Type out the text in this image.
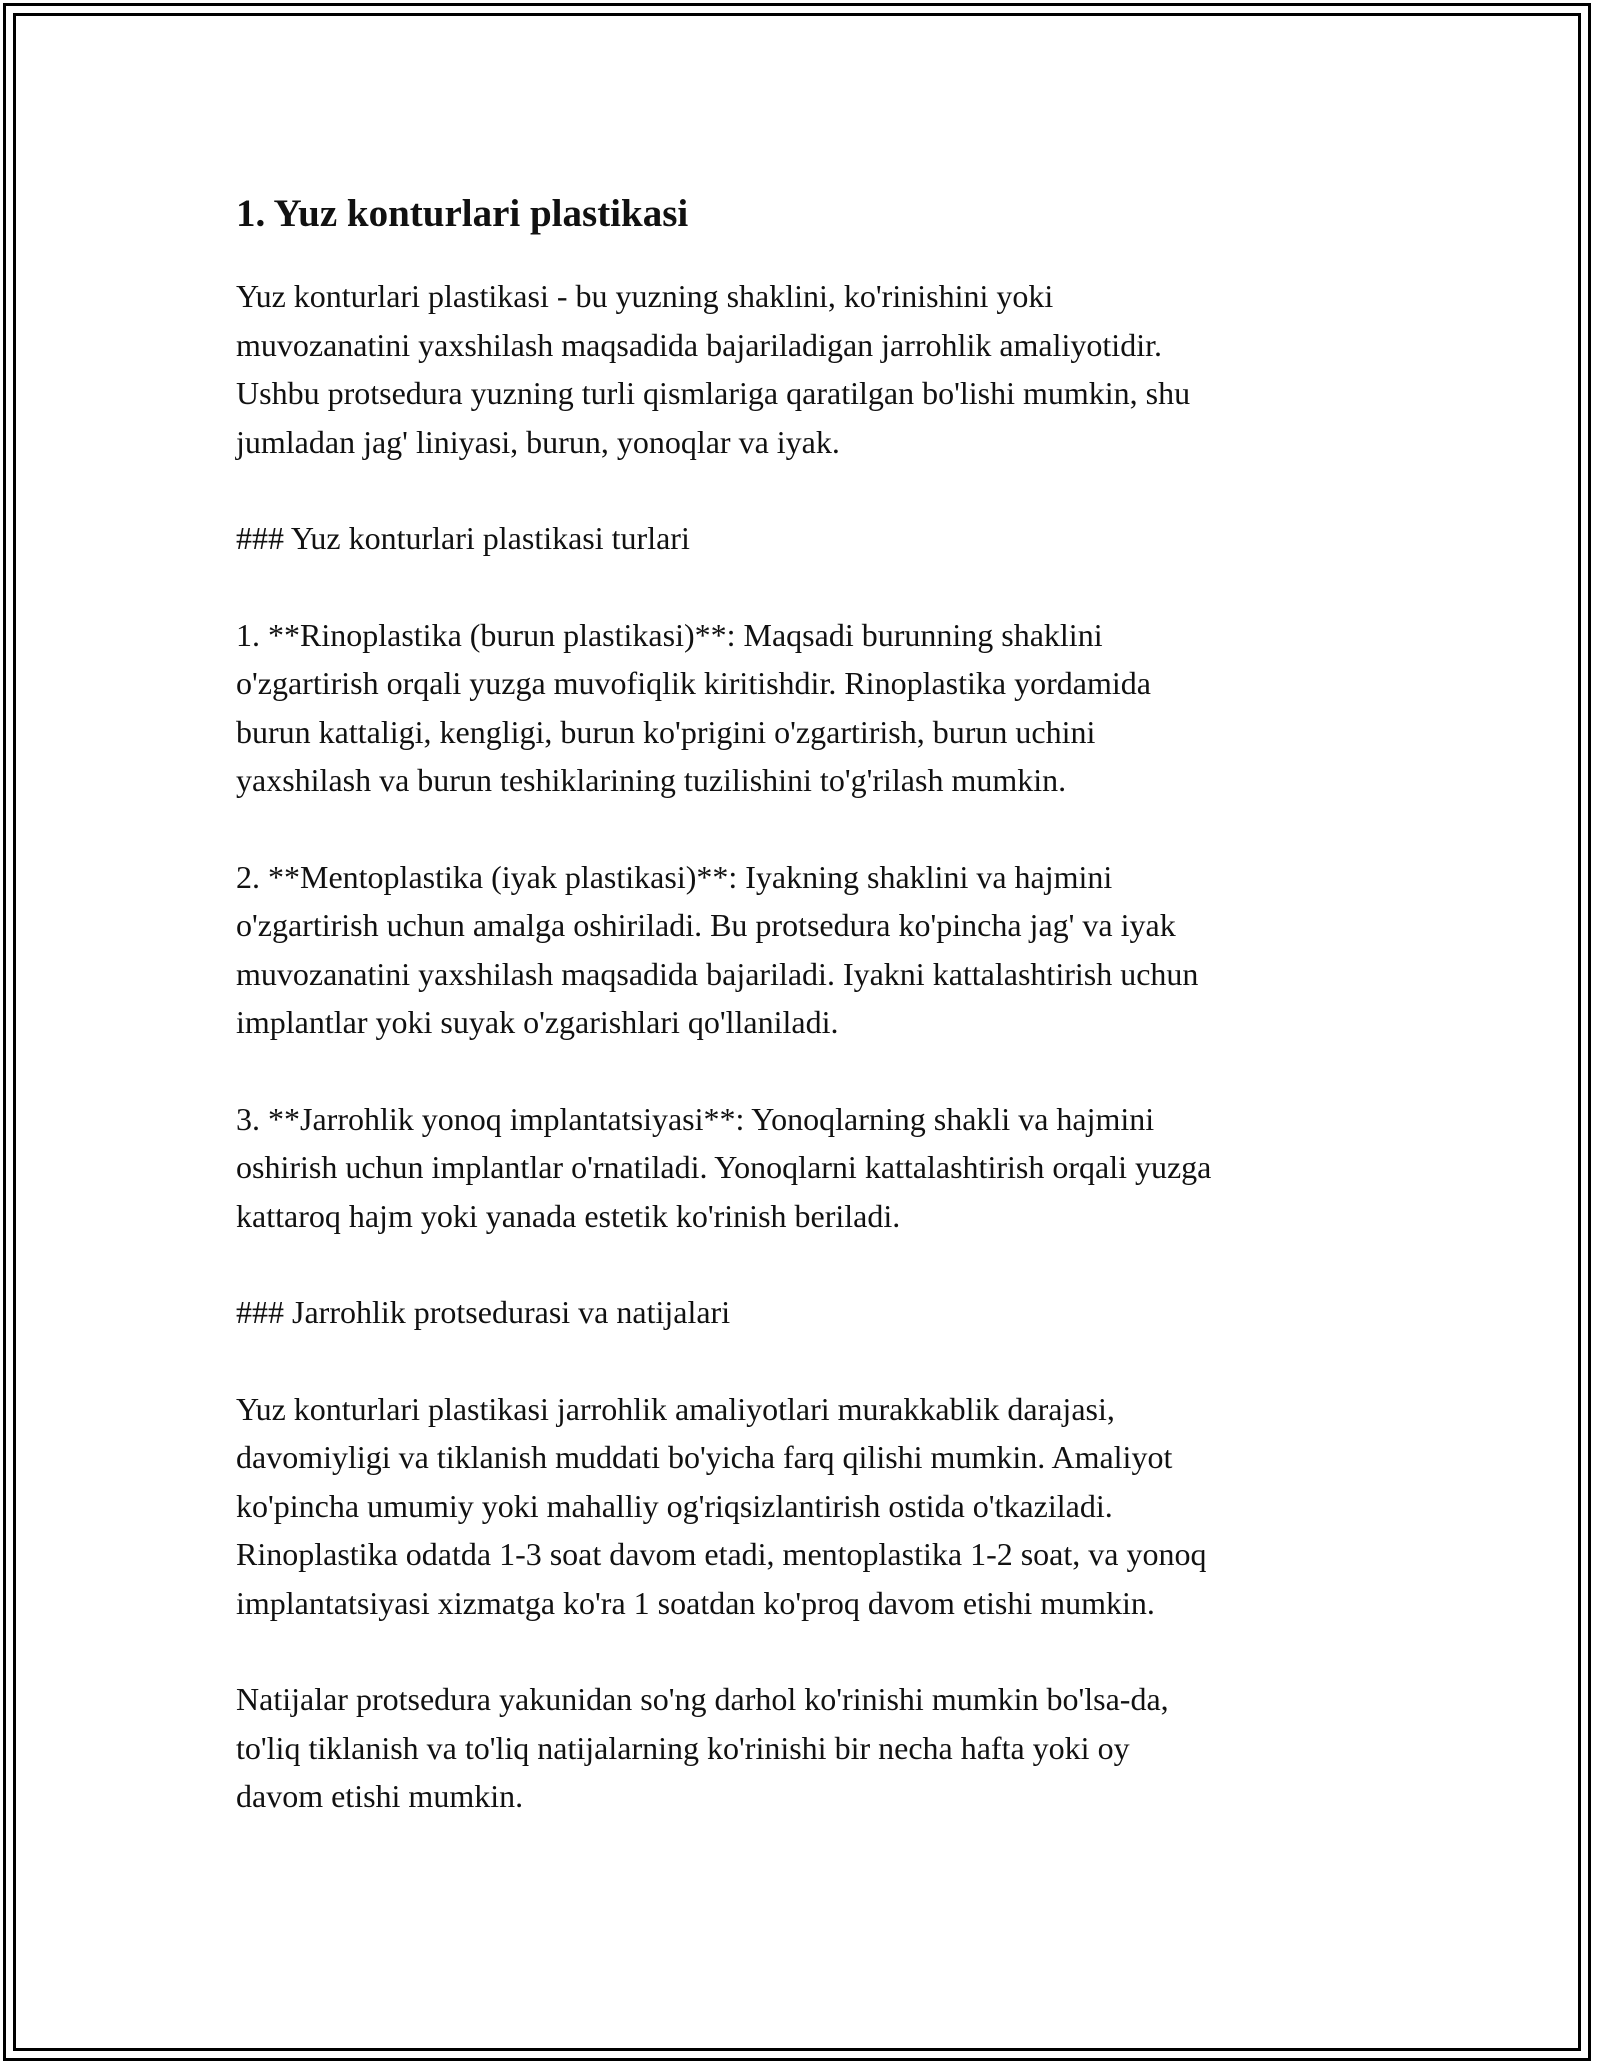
1. Yuz konturlari plastikasi

Yuz konturlari plastikasi - bu yuzning shaklini, ko'rinishini yoki
muvozanatini yaxshilash maqsadida bajariladigan jarrohlik amaliyotidir.
Ushbu protsedura yuzning turli qismlariga qaratilgan bo'lishi mumkin, shu
jumladan jag' liniyasi, burun, yonoqlar va iyak.

### Yuz konturlari plastikasi turlari

1. **Rinoplastika (burun plastikasi)**: Maqsadi burunning shaklini
o'zgartirish orqali yuzga muvofiqlik kiritishdir. Rinoplastika yordamida
burun kattaligi, kengligi, burun ko'prigini o'zgartirish, burun uchini
yaxshilash va burun teshiklarining tuzilishini to'g'rilash mumkin.

2. **Mentoplastika (iyak plastikasi)**: Iyakning shaklini va hajmini
o'zgartirish uchun amalga oshiriladi. Bu protsedura ko'pincha jag' va iyak
muvozanatini yaxshilash maqsadida bajariladi. Iyakni kattalashtirish uchun
implantlar yoki suyak o'zgarishlari qo'llaniladi.

3. **Jarrohlik yonoq implantatsiyasi**: Yonoqlarning shakli va hajmini
oshirish uchun implantlar o'rnatiladi. Yonoqlarni kattalashtirish orqali yuzga
kattaroq hajm yoki yanada estetik ko'rinish beriladi.

### Jarrohlik protsedurasi va natijalari

Yuz konturlari plastikasi jarrohlik amaliyotlari murakkablik darajasi,
davomiyligi va tiklanish muddati bo'yicha farq qilishi mumkin. Amaliyot
ko'pincha umumiy yoki mahalliy og'riqsizlantirish ostida o'tkaziladi.
Rinoplastika odatda 1-3 soat davom etadi, mentoplastika 1-2 soat, va yonoq
implantatsiyasi xizmatga ko'ra 1 soatdan ko'proq davom etishi mumkin.

Natijalar protsedura yakunidan so'ng darhol ko'rinishi mumkin bo'lsa-da,
to'liq tiklanish va to'liq natijalarning ko'rinishi bir necha hafta yoki oy
davom etishi mumkin.
